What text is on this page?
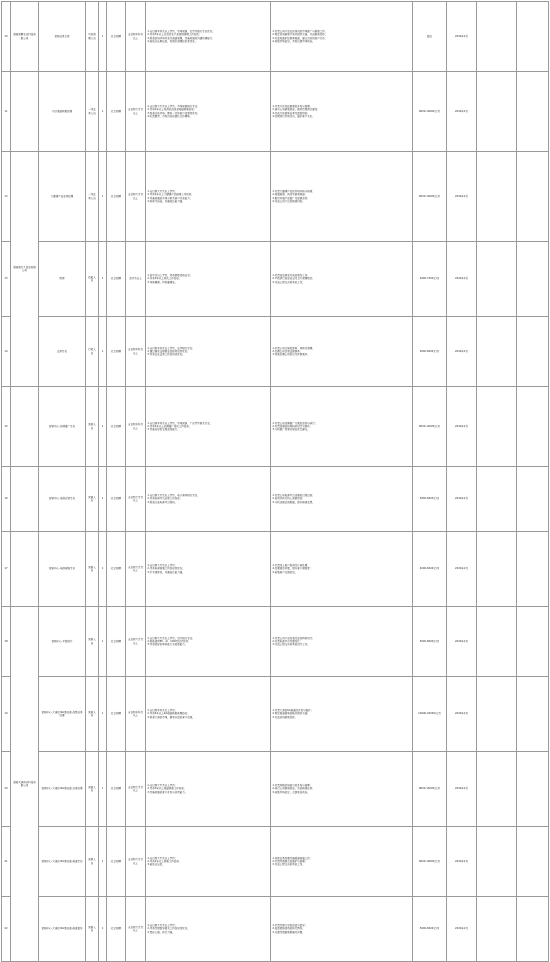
10	湖南星鹏农业科技有限公司	营销业务主管	中层管理人员	1	社会招聘	全日制本科及以上	1.全日制本科及以上学历，市场营销、农学等相关专业优先；
2.具有3年以上农资或农产品营销管理工作经验；
3.熟悉区域市场开发及渠道管理，具备较强的沟通协调能力；
4.能适应长期出差，有团队管理经验者优先。	1.负责公司产品在区域内的市场推广与销售工作；
2.制定区域销售计划并组织实施，完成销售目标；
3.开发和维护经销商渠道，建立良好的客户关系；
4.收集市场信息，及时反馈市场动态。	面议	2020年2月		
11		片区渠道销售经理	一线业务人员	1	社会招聘	全日制大专及以上	1.全日制大专及以上学历，市场营销相关专业；
2.具有2年以上快消品或食品渠道销售经验；
3.熟悉当地市场，拥有一定的客户资源者优先；
4.吃苦耐劳，具有良好的团队合作精神。	1.负责片区内经销商的开发与管理；
2.落实公司销售政策，推动终端网点建设；
3.完成片区销售任务及回款指标；
4.定期进行市场走访，维护客户关系。	6000-10000元/月	2020年2月		
12	湖南德天久食品有限公司	大健康产品业务经理	一线业务人员	1	社会招聘	全日制大专及以上	1.全日制大专及以上学历；
2.具有2年以上大健康产品销售工作经验；
3.具备较强的市场分析及客户开发能力；
4.形象气质佳，沟通表达能力强。	1.负责大健康产品的市场开拓与销售；
2.拓展商超、药店等销售渠道；
3.组织开展产品推广及促销活动；
4.完成公司下达的销售目标。	6000-10000元/月	2020年2月		
13		厨师	技能人员	1	社会招聘	高中及以上	1.高中及以上学历，持有厨师资格证书；
2.具有3年以上相关工作经验；
3.身体健康，持有健康证。	1.负责食品研发及菜品制作工作；
2.严格执行食品安全及卫生管理规定；
3.完成上级交办的其他工作。	4000-7000元/月	2020年2月		
14		法务专员	行政人员	1	社会招聘	全日制本科及以上	1.全日制本科及以上学历，法学相关专业；
2.通过国家法律职业资格考试者优先；
3.具有企业法务工作经验者优先。	1.负责公司合同的起草、审核及管理；
2.处理公司日常法律事务；
3.协助处理公司诉讼及仲裁案件。	5000-8000元/月	2020年2月		
15		营销中心-品牌推广专员	营销人员	1	社会招聘	全日制本科及以上	1.全日制本科及以上学历，市场营销、广告学等相关专业；
2.具有2年以上品牌推广相关工作经验；
3.具备良好的文案策划能力。	1.负责公司品牌推广方案的策划与执行；
2.负责品牌宣传物料的设计与制作；
3.分析推广效果并提出优化建议。	6000-12000元/月	2020年2月		
16		营销中心-电商运营专员	营销人员	1	社会招聘	全日制大专及以上	1.全日制大专及以上学历，电子商务相关专业；
2.具有电商平台运营工作经验；
3.熟悉主流电商平台规则。	1.负责公司电商平台店铺的日常运营；
2.策划并执行线上营销活动；
3.分析店铺运营数据，提升销售业绩。	5000-8000元/月	2020年2月		
17		营销中心-电商客服专员	营销人员	1	社会招聘	全日制大专及以上	1.全日制大专及以上学历；
2.具有电商客服工作经验者优先；
3.打字速度快，沟通表达能力强。	1.负责线上客户咨询及订单处理；
2.处理售后问题，提升客户满意度；
3.收集客户反馈信息。	4000-6000元/月	2020年2月		
18	湖南天润纳米科技有限公司	营销中心-平面设计	营销人员	1	社会招聘	全日制大专及以上	1.全日制大专及以上学历，设计相关专业；
2.熟练使用PS、AI、CDR等设计软件；
3.具有较好的审美能力及创意能力。	1.负责公司产品包装及宣传物料设计；
2.负责电商平台页面设计；
3.完成上级交办的其他设计工作。	5000-8000元/月	2020年2月		
19		营销中心-大湾区/KA事业部-高级业务经理	营销人员	1	社会招聘	全日制本科及以上	1.全日制本科及以上学历；
2.具有5年以上KA渠道销售管理经验；
3.熟悉大湾区市场，拥有丰富的客户资源。	1.负责大湾区KA渠道的开发与维护；
2.制定渠道销售策略并组织实施；
3.完成区域销售目标。	10000-20000元/月	2020年2月		
20		营销中心-大湾区/KA事业部-业务经理	营销人员	1	社会招聘	全日制大专及以上	1.全日制大专及以上学历；
2.具有3年以上渠道销售工作经验；
3.具备较强的客户开发与谈判能力。	1.负责所辖区域客户的开发与管理；
2.执行公司销售政策，完成销售任务；
3.收集市场信息，反馈竞品动态。	8000-15000元/月	2020年2月		
21		营销中心-大湾区/KA事业部-渠道专员	营销人员	1	社会招聘	全日制大专及以上	1.全日制大专及以上学历；
2.具有1年以上销售工作经验；
3.能适应出差。	1.协助业务经理开展渠道拓展工作；
2.负责终端网点的维护与管理；
3.完成上级交办的其他工作。	6000-10000元/月	2020年2月		
22		营销中心-大湾区/KA事业部-渠道督导	营销人员	1	社会招聘	全日制大专及以上	1.全日制大专及以上学历；
2.具有终端督导相关工作经验者优先；
3.责任心强，执行力强。	1.负责终端门店的巡查与督导；
2.监督促销活动的执行情况；
3.反馈终端销售数据及问题。	5000-8000元/月	2020年2月		
